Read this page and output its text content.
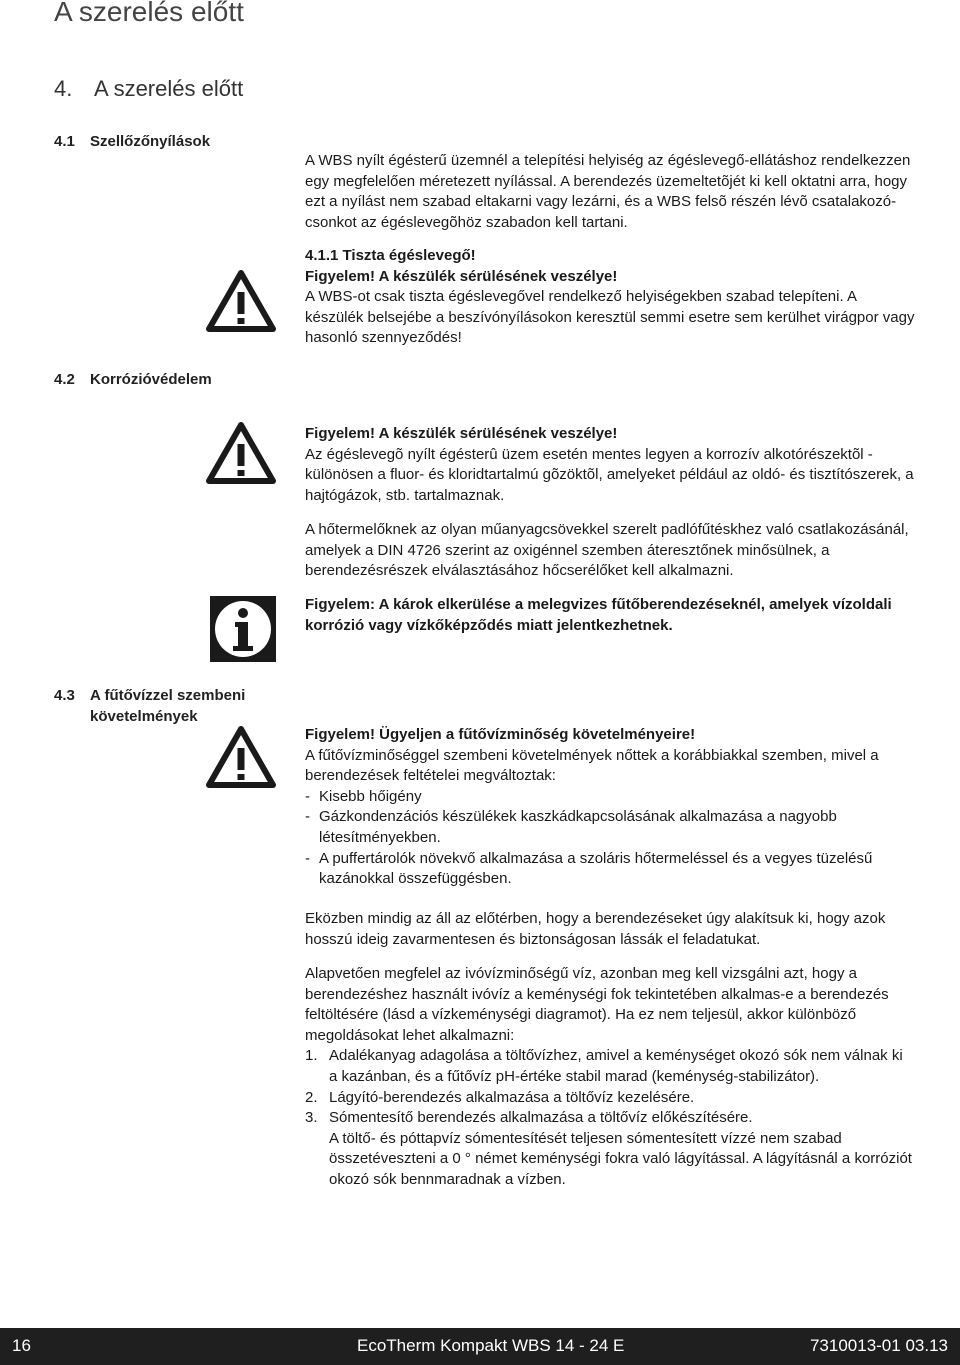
A szerelés előtt
4. A szerelés előtt
4.1 Szellőzőnyílások
4.2 Korrózióvédelem
4.3 A fűtővízzel szembeni
követelmények

A WBS nyílt égésterű üzemnél a telepítési helyiség az égéslevegő-ellátáshoz rendelkezzen egy megfelelően méretezett nyílással. A berendezés üzemeltetõjét ki kell oktatni arra, hogy ezt a nyílást nem szabad eltakarni vagy lezárni, és a WBS felsõ részén lévõ csatalakozó-csonkot az égéslevegõhöz szabadon kell tartani.

4.1.1 Tiszta égéslevegő!

Figyelem! A készülék sérülésének veszélye!

A WBS-ot csak tiszta égéslevegővel rendelkező helyiségekben szabad telepíteni. A készülék belsejébe a beszívónyílásokon keresztül semmi esetre sem kerülhet virágpor vagy hasonló szennyeződés!

Figyelem! A készülék sérülésének veszélye!

Az égéslevegõ nyílt égésterû üzem esetén mentes legyen a korrozív alkotórészektõl - különösen a fluor- és kloridtartalmú gõzöktõl, amelyeket például az oldó- és tisztítószerek, a hajtógázok, stb. tartalmaznak.

A hőtermelőknek az olyan műanyagcsövekkel szerelt padlófűtéskhez való csatlakozásánál, amelyek a DIN 4726 szerint az oxigénnel szemben áteresztőnek minősülnek, a berendezésrészek elválasztásához hőcserélőket kell alkalmazni.

Figyelem: A károk elkerülése a melegvizes fűtőberendezéseknél, amelyek vízoldali korrózió vagy vízkőképződés miatt jelentkezhetnek.

Figyelem! Ügyeljen a fűtővízminőség követelményeire!

A fűtővízminőséggel szembeni követelmények nőttek a korábbiakkal szemben, mivel a berendezések feltételei megváltoztak:

- Kisebb hőigény
- Gázkondenzációs készülékek kaszkádkapcsolásának alkalmazása a nagyobb létesítményekben.
- A puffertárolók növekvő alkalmazása a szoláris hőtermeléssel és a vegyes tüzelésű kazánokkal összefüggésben.

Eközben mindig az áll az előtérben, hogy a berendezéseket úgy alakítsuk ki, hogy azok hosszú ideig zavarmentesen és biztonságosan lássák el feladatukat.

Alapvetően megfelel az ivóvízminőségű víz, azonban meg kell vizsgálni azt, hogy a berendezéshez használt ivóvíz a keménységi fok tekintetében alkalmas-e a berendezés feltöltésére (lásd a vízkeménységi diagramot). Ha ez nem teljesül, akkor különböző megoldásokat lehet alkalmazni:

1. Adalékanyag adagolása a töltővízhez, amivel a keménységet okozó sók nem válnak ki a kazánban, és a fűtővíz pH-értéke stabil marad (keménység-stabilizátor).
2. Lágyító-berendezés alkalmazása a töltővíz kezelésére.
3. Sómentesítő berendezés alkalmazása a töltővíz előkészítésére.
A töltő- és póttapvíz sómentesítését teljesen sómentesített vízzé nem szabad összetéveszteni a 0 ° német keménységi fokra való lágyítással. A lágyításnál a korróziót okozó sók bennmaradnak a vízben.
16	EcoTherm Kompakt WBS 14 - 24 E	7310013-01 03.13
